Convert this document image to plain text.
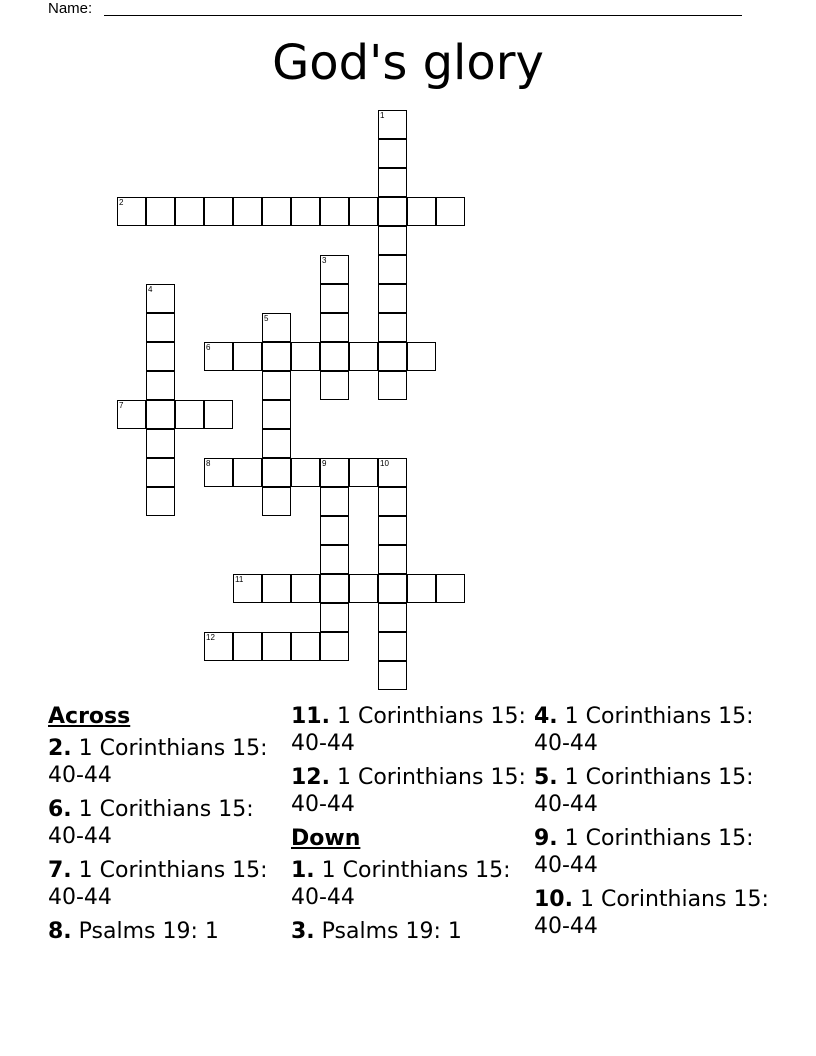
Name:
God's glory
1
2
3
4
5
6
7
8	9	10
11
12
Across
2. 1 Corinthians 15: 40-44
6. 1 Corithians 15: 40-44
7. 1 Corinthians 15: 40-44
8. Psalms 19: 1
11. 1 Corinthians 15: 40-44
12. 1 Corinthians 15: 40-44
Down
1. 1 Corinthians 15: 40-44
3. Psalms 19: 1
4. 1 Corinthians 15: 40-44
5. 1 Corinthians 15: 40-44
9. 1 Corinthians 15: 40-44
10. 1 Corinthians 15: 40-44
